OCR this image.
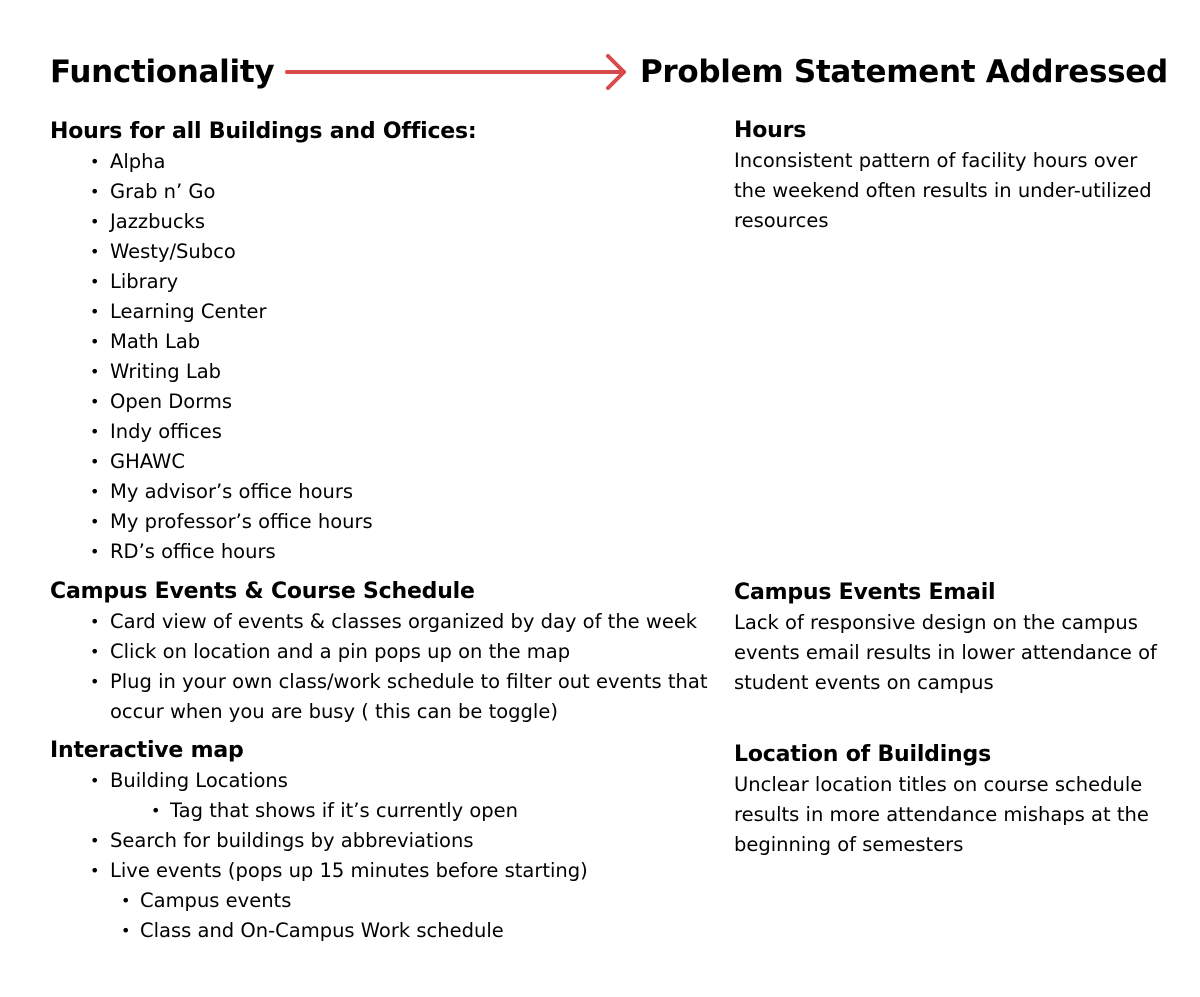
Functionality	Problem Statement Addressed
Hours for all Buildings and Offices:
• Alpha
• Grab n’ Go
• Jazzbucks
• Westy/Subco
• Library
• Learning Center
• Math Lab
• Writing Lab
• Open Dorms
• Indy offices
• GHAWC
• My advisor’s office hours
• My professor’s office hours
• RD’s office hours
Campus Events & Course Schedule
• Card view of events & classes organized by day of the week
• Click on location and a pin pops up on the map
• Plug in your own class/work schedule to filter out events that occur when you are busy ( this can be toggle)
Interactive map
• Building Locations
• Tag that shows if it’s currently open
• Search for buildings by abbreviations
• Live events (pops up 15 minutes before starting)
• Campus events
• Class and On-Campus Work schedule
Hours
Inconsistent pattern of facility hours over the weekend often results in under-utilized resources
Campus Events Email
Lack of responsive design on the campus events email results in lower attendance of student events on campus
Location of Buildings
Unclear location titles on course schedule results in more attendance mishaps at the beginning of semesters
